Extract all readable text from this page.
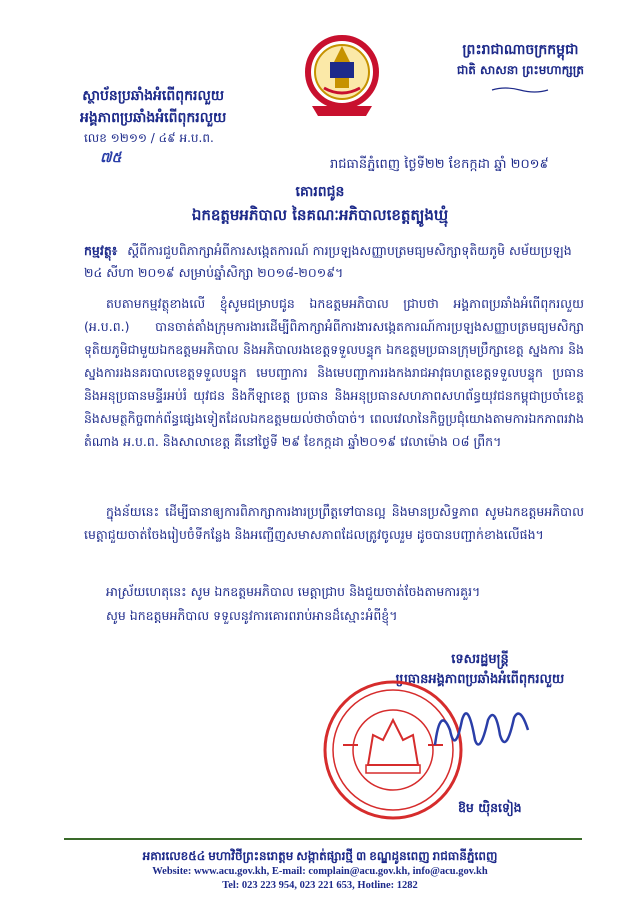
ព្រះរាជាណាចក្រកម្ពុជា
ជាតិ សាសនា ព្រះមហាក្សត្រ
ស្ថាប័នប្រឆាំងអំពើពុករលួយ
អង្គភាពប្រឆាំងអំពើពុករលួយ
លេខ ១២១១ / ៤៩ អ.ប.ព.
៧៥	រាជធានីភ្នំពេញ ថ្ងៃទី២២ ខែកក្កដា ឆ្នាំ ២០១៩
គោរពជូន
ឯកឧត្តមអភិបាល នៃគណៈអភិបាលខេត្តត្បូងឃ្មុំ
កម្មវត្ថុ៖ ស្តីពីការជួបពិភាក្សាអំពីការសង្កេតការណ៍ ការប្រឡងសញ្ញាបត្រមធ្យមសិក្សាទុតិយភូមិ សម័យប្រឡង ២៤ សីហា ២០១៩ សម្រាប់ឆ្នាំសិក្សា ២០១៨-២០១៩។
តបតាមកម្មវត្ថុខាងលើ ខ្ញុំសូមជម្រាបជូន ឯកឧត្តមអភិបាល ជ្រាបថា អង្គភាពប្រឆាំងអំពើពុករលួយ (អ.ប.ព.) បានចាត់តាំងក្រុមការងារដើម្បីពិភាក្សាអំពីការងារសង្កេតការណ៍ការប្រឡងសញ្ញាបត្រមធ្យមសិក្សាទុតិយភូមិជាមួយឯកឧត្តមអភិបាល និងអភិបាលរងខេត្តទទួលបន្ទុក ឯកឧត្តមប្រធានក្រុមប្រឹក្សាខេត្ត ស្នងការ និងស្នងការរងនគរបាលខេត្តទទួលបន្ទុក មេបញ្ជាការ និងមេបញ្ជាការរងកងរាជអាវុធហត្ថខេត្តទទួលបន្ទុក ប្រធាន និងអនុប្រធានមន្ទីរអប់រំ យុវជន និងកីឡាខេត្ត ប្រធាន និងអនុប្រធានសហភាពសហព័ន្ធយុវជនកម្ពុជាប្រចាំខេត្ត និងសមត្ថកិច្ចពាក់ព័ន្ធផ្សេងទៀតដែលឯកឧត្តមយល់ថាចាំបាច់។ ពេលវេលានៃកិច្ចប្រជុំយោងតាមការឯកភាពរវាងតំណាង អ.ប.ព. និងសាលាខេត្ត គឺនៅថ្ងៃទី ២៩ ខែកក្កដា ឆ្នាំ២០១៩ វេលាម៉ោង ០៨ ព្រឹក។
ក្នុងន័យនេះ ដើម្បីធានាឲ្យការពិភាក្សាការងារប្រព្រឹត្តទៅបានល្អ និងមានប្រសិទ្ធភាព សូមឯកឧត្តមអភិបាល មេត្តាជួយចាត់ចែងរៀបចំទីកន្លែង និងអញ្ជើញសមាសភាពដែលត្រូវចូលរួម ដូចបានបញ្ជាក់ខាងលើផង។
អាស្រ័យហេតុនេះ សូម ឯកឧត្តមអភិបាល មេត្តាជ្រាប និងជួយចាត់ចែងតាមការគួរ។
សូម ឯកឧត្តមអភិបាល ទទួលនូវការគោរពរាប់អានដ៏ស្មោះអំពីខ្ញុំ។
ទេសរដ្ឋមន្ត្រី
ប្រធានអង្គភាពប្រឆាំងអំពើពុករលួយ
ឱម យ៉ិនទៀង
អគារលេខ៥៤ មហាវិថីព្រះនរោត្តម សង្កាត់ផ្សារថ្មី ៣ ខណ្ឌដូនពេញ រាជធានីភ្នំពេញ
Website: www.acu.gov.kh, E-mail: complain@acu.gov.kh, info@acu.gov.kh
Tel: 023 223 954, 023 221 653, Hotline: 1282
